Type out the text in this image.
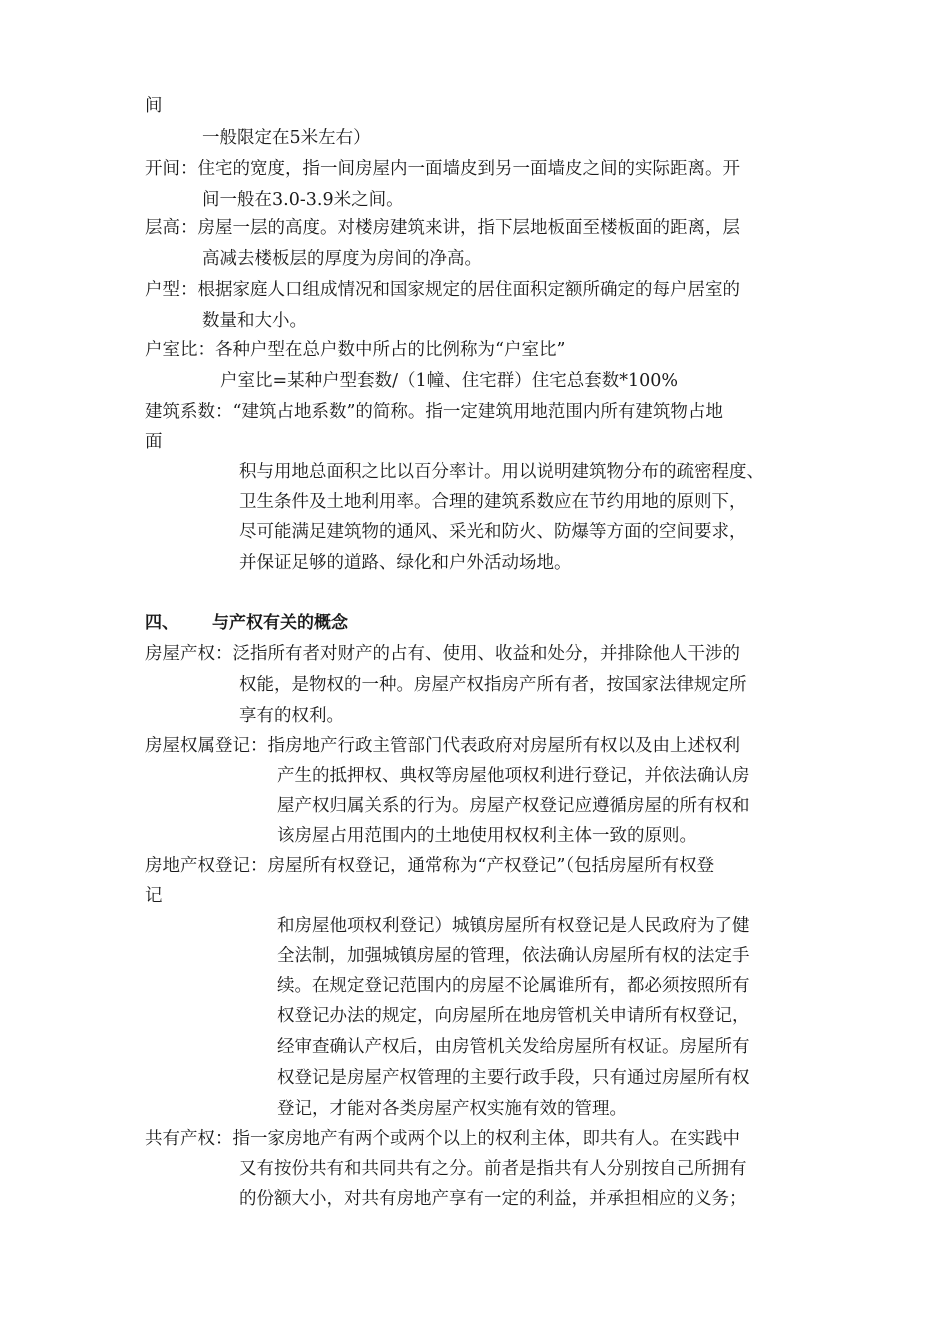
间
一般限定在5米左右）
开间：住宅的宽度，指一间房屋内一面墙皮到另一面墙皮之间的实际距离。开
间一般在3.0-3.9米之间。
层高：房屋一层的高度。对楼房建筑来讲，指下层地板面至楼板面的距离，层
高减去楼板层的厚度为房间的净高。
户型：根据家庭人口组成情况和国家规定的居住面积定额所确定的每户居室的
数量和大小。
户室比：各种户型在总户数中所占的比例称为“户室比”
户室比=某种户型套数/（1幢、住宅群）住宅总套数*100%
建筑系数：“建筑占地系数”的简称。指一定建筑用地范围内所有建筑物占地
面
积与用地总面积之比以百分率计。用以说明建筑物分布的疏密程度、
卫生条件及土地利用率。合理的建筑系数应在节约用地的原则下，
尽可能满足建筑物的通风、采光和防火、防爆等方面的空间要求，
并保证足够的道路、绿化和户外活动场地。
四、 与产权有关的概念
房屋产权：泛指所有者对财产的占有、使用、收益和处分，并排除他人干涉的
权能，是物权的一种。房屋产权指房产所有者，按国家法律规定所
享有的权利。
房屋权属登记：指房地产行政主管部门代表政府对房屋所有权以及由上述权利
产生的抵押权、典权等房屋他项权利进行登记，并依法确认房
屋产权归属关系的行为。房屋产权登记应遵循房屋的所有权和
该房屋占用范围内的土地使用权权利主体一致的原则。
房地产权登记：房屋所有权登记，通常称为“产权登记”（包括房屋所有权登
记
和房屋他项权利登记）城镇房屋所有权登记是人民政府为了健
全法制，加强城镇房屋的管理，依法确认房屋所有权的法定手
续。在规定登记范围内的房屋不论属谁所有，都必须按照所有
权登记办法的规定，向房屋所在地房管机关申请所有权登记，
经审查确认产权后，由房管机关发给房屋所有权证。房屋所有
权登记是房屋产权管理的主要行政手段，只有通过房屋所有权
登记，才能对各类房屋产权实施有效的管理。
共有产权：指一家房地产有两个或两个以上的权利主体，即共有人。在实践中
又有按份共有和共同共有之分。前者是指共有人分别按自己所拥有
的份额大小，对共有房地产享有一定的利益，并承担相应的义务；
